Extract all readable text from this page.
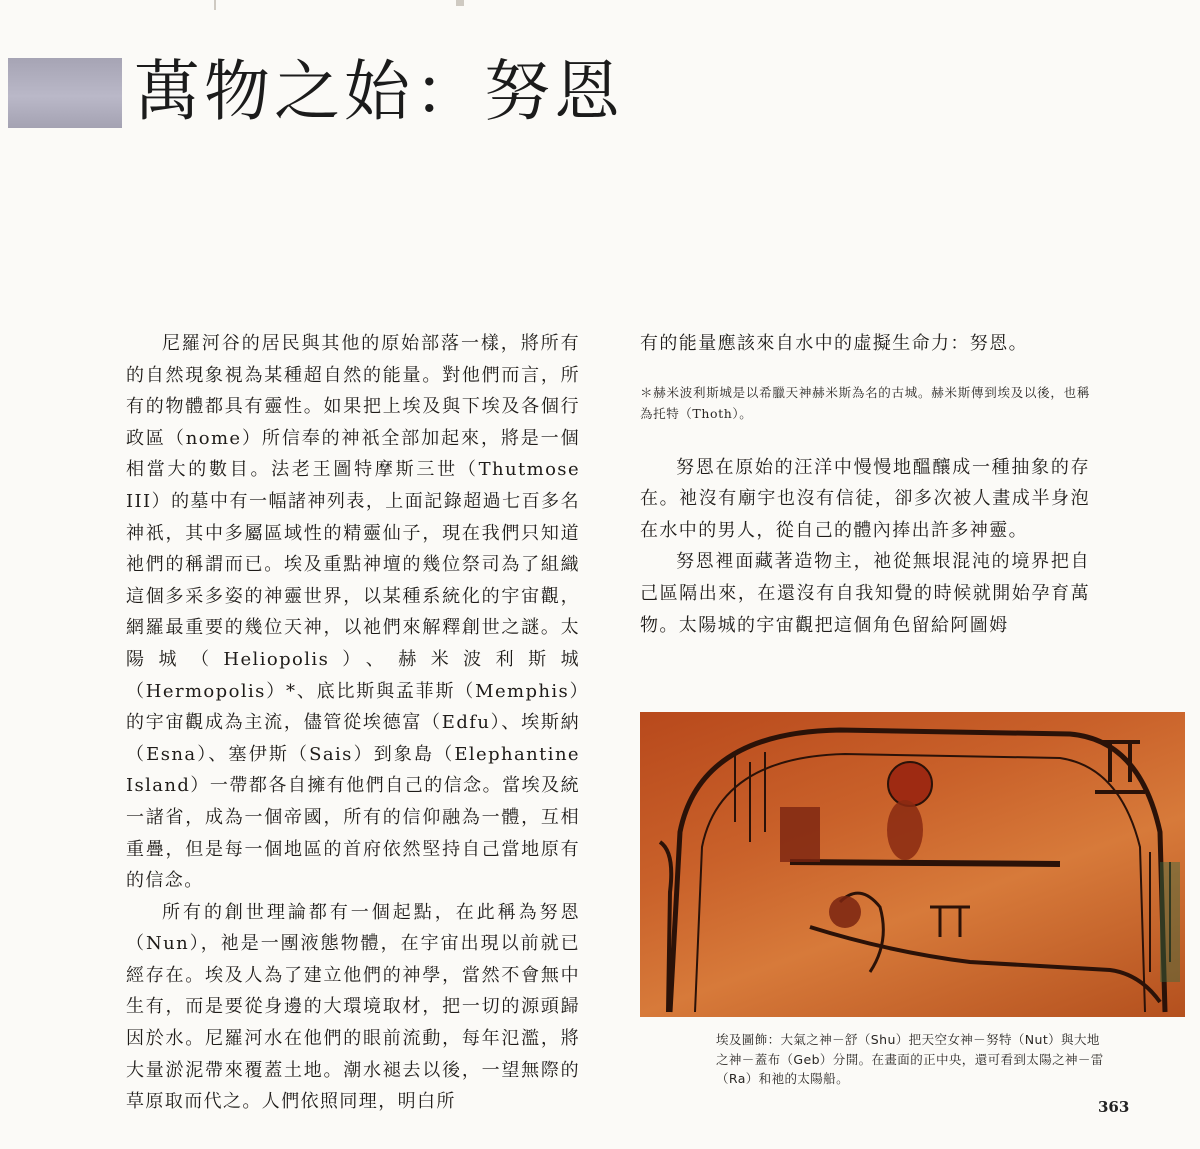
萬物之始：努恩

尼羅河谷的居民與其他的原始部落一樣，將所有的自然現象視為某種超自然的能量。對他們而言，所有的物體都具有靈性。如果把上埃及與下埃及各個行政區（nome）所信奉的神祇全部加起來，將是一個相當大的數目。法老王圖特摩斯三世（Thutmose III）的墓中有一幅諸神列表，上面記錄超過七百多名神祇，其中多屬區域性的精靈仙子，現在我們只知道祂們的稱謂而已。埃及重點神壇的幾位祭司為了組織這個多采多姿的神靈世界，以某種系統化的宇宙觀，網羅最重要的幾位天神，以祂們來解釋創世之謎。太陽城（Heliopolis）、赫米波利斯城（Hermopolis）*、底比斯與孟菲斯（Memphis）的宇宙觀成為主流，儘管從埃德富（Edfu）、埃斯納（Esna）、塞伊斯（Sais）到象島（Elephantine Island）一帶都各自擁有他們自己的信念。當埃及統一諸省，成為一個帝國，所有的信仰融為一體，互相重疊，但是每一個地區的首府依然堅持自己當地原有的信念。

所有的創世理論都有一個起點，在此稱為努恩（Nun），祂是一團液態物體，在宇宙出現以前就已經存在。埃及人為了建立他們的神學，當然不會無中生有，而是要從身邊的大環境取材，把一切的源頭歸因於水。尼羅河水在他們的眼前流動，每年氾濫，將大量淤泥帶來覆蓋土地。潮水褪去以後，一望無際的草原取而代之。人們依照同理，明白所

有的能量應該來自水中的虛擬生命力：努恩。

＊赫米波利斯城是以希臘天神赫米斯為名的古城。赫米斯傳到埃及以後，也稱為托特（Thoth）。

努恩在原始的汪洋中慢慢地醞釀成一種抽象的存在。祂沒有廟宇也沒有信徒，卻多次被人畫成半身泡在水中的男人，從自己的體內捧出許多神靈。

努恩裡面藏著造物主，祂從無垠混沌的境界把自己區隔出來，在還沒有自我知覺的時候就開始孕育萬物。太陽城的宇宙觀把這個角色留給阿圖姆

埃及圖飾：大氣之神－舒（Shu）把天空女神－努特（Nut）與大地之神－蓋布（Geb）分開。在畫面的正中央，還可看到太陽之神－雷（Ra）和祂的太陽船。
363
